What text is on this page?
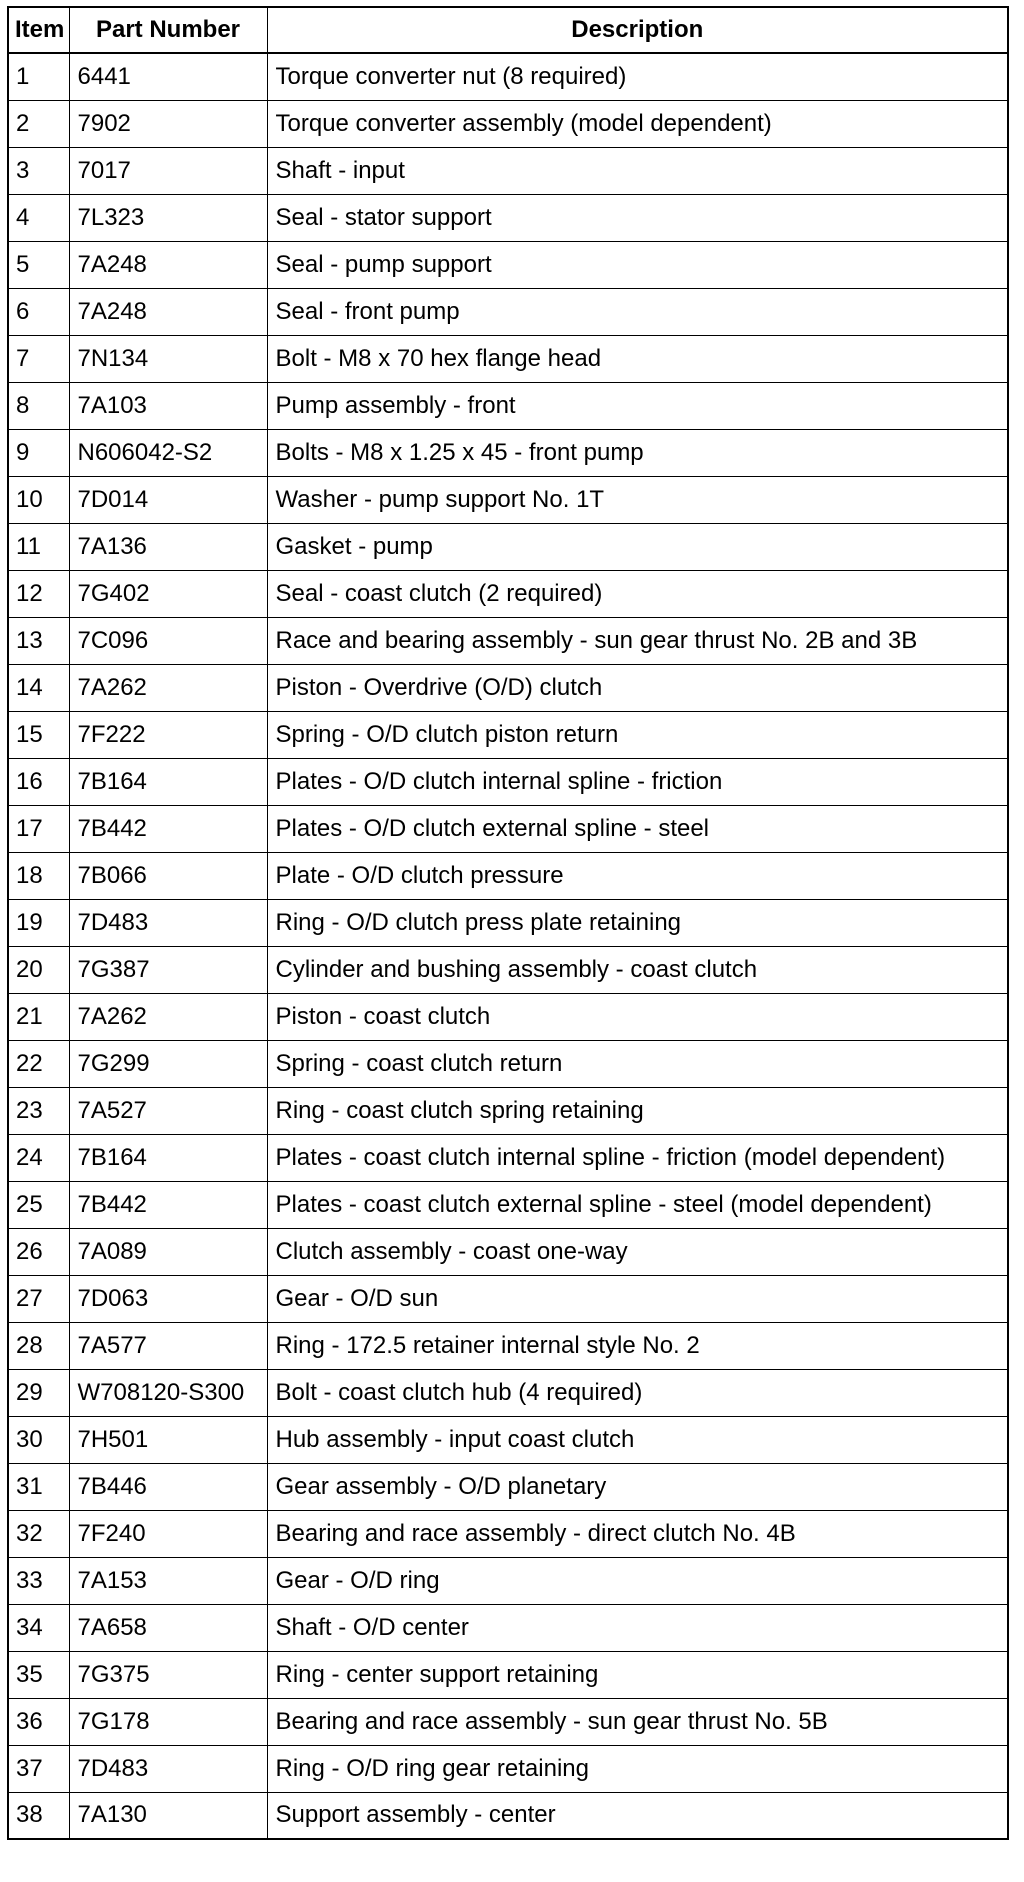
Item	Part Number	Description
1	6441	Torque converter nut (8 required)
2	7902	Torque converter assembly (model dependent)
3	7017	Shaft - input
4	7L323	Seal - stator support
5	7A248	Seal - pump support
6	7A248	Seal - front pump
7	7N134	Bolt - M8 x 70 hex flange head
8	7A103	Pump assembly - front
9	N606042-S2	Bolts - M8 x 1.25 x 45 - front pump
10	7D014	Washer - pump support No. 1T
11	7A136	Gasket - pump
12	7G402	Seal - coast clutch (2 required)
13	7C096	Race and bearing assembly - sun gear thrust No. 2B and 3B
14	7A262	Piston - Overdrive (O/D) clutch
15	7F222	Spring - O/D clutch piston return
16	7B164	Plates - O/D clutch internal spline - friction
17	7B442	Plates - O/D clutch external spline - steel
18	7B066	Plate - O/D clutch pressure
19	7D483	Ring - O/D clutch press plate retaining
20	7G387	Cylinder and bushing assembly - coast clutch
21	7A262	Piston - coast clutch
22	7G299	Spring - coast clutch return
23	7A527	Ring - coast clutch spring retaining
24	7B164	Plates - coast clutch internal spline - friction (model dependent)
25	7B442	Plates - coast clutch external spline - steel (model dependent)
26	7A089	Clutch assembly - coast one-way
27	7D063	Gear - O/D sun
28	7A577	Ring - 172.5 retainer internal style No. 2
29	W708120-S300	Bolt - coast clutch hub (4 required)
30	7H501	Hub assembly - input coast clutch
31	7B446	Gear assembly - O/D planetary
32	7F240	Bearing and race assembly - direct clutch No. 4B
33	7A153	Gear - O/D ring
34	7A658	Shaft - O/D center
35	7G375	Ring - center support retaining
36	7G178	Bearing and race assembly - sun gear thrust No. 5B
37	7D483	Ring - O/D ring gear retaining
38	7A130	Support assembly - center
